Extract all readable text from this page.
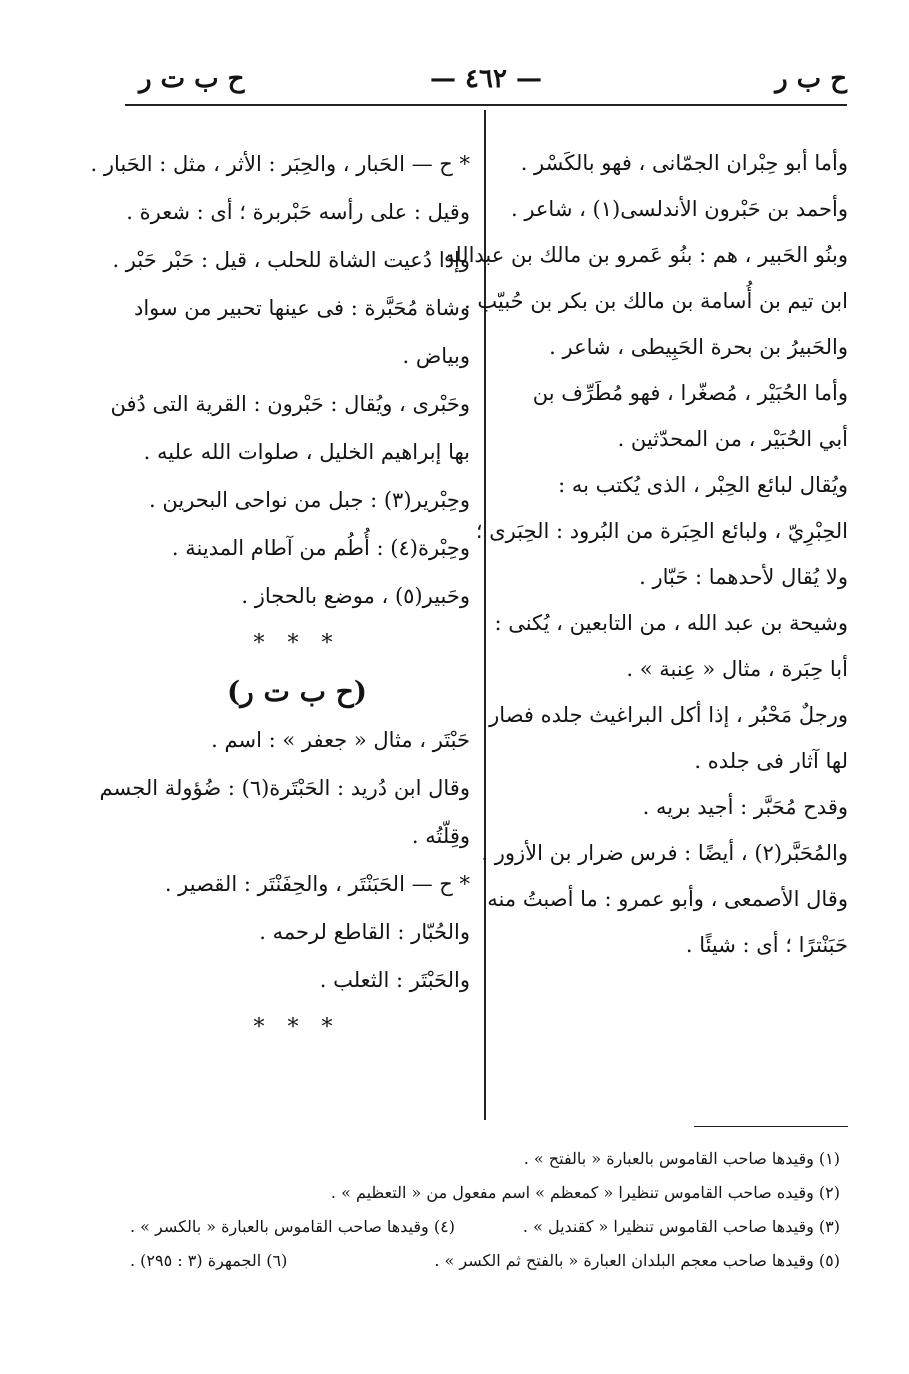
ح ب ر
— ٤٦٢ —
ح ب ت ر
وأما أبو حِبْران الجمّانى ، فهو بالكَسْر .
وأحمد بن حَبْرون الأندلسى(١) ، شاعر .
وبنُو الحَبير ، هم : بنُو عَمرو بن مالك بن عبدالله
ابن تيم بن أُسامة بن مالك بن بكر بن حُبيّب .
والحَبيرُ بن بحرة الحَبِيطى ، شاعر .
وأما الحُبَيْر ، مُصغّرا ، فهو مُطَرِّف بن
أبي الحُبَيْر ، من المحدّثين .
ويُقال لبائع الحِبْر ، الذى يُكتب به :
الحِبْرِيّ ، ولبائع الحِبَرة من البُرود : الحِبَرى ؛
ولا يُقال لأحدهما : حَبّار .
وشيحة بن عبد الله ، من التابعين ، يُكنى :
أبا حِبَرة ، مثال « عِنبة » .
ورجلٌ مَحْبُر ، إذا أكل البراغيث جلده فصار
لها آثار فى جلده .
وقدح مُحَبَّر : أجيد بريه .
والمُحَبَّر(٢) ، أيضًا : فرس ضرار بن الأزور .
وقال الأصمعى ، وأبو عمرو : ما أصبتُ منه
حَبَنْترًا ؛ أى : شيئًا .
* ح — الحَبار ، والحِبَر : الأثر ، مثل : الحَبار .
وقيل : على رأسه حَبْربرة ؛ أى : شعرة .
وإذا دُعيت الشاة للحلب ، قيل : حَبْر حَبْر .
وشاة مُحَبَّرة : فى عينها تحبير من سواد
وبياض .
وحَبْرى ، ويُقال : حَبْرون : القرية التى دُفن
بها إبراهيم الخليل ، صلوات الله عليه .
وحِبْرير(٣) : جبل من نواحى البحرين .
وحِبْرة(٤) : أُطُم من آطام المدينة .
وحَبير(٥) ، موضع بالحجاز .
* * *
(ح ب ت ر)
حَبْتَر ، مثال « جعفر » : اسم .
وقال ابن دُريد : الحَبْتَرة(٦) : ضُؤولة الجسم
وقِلّتُه .
* ح — الحَبَنْتَر ، والحِفَنْتَر : القصير .
والحُبّار : القاطع لرحمه .
والحَبْتَر : الثعلب .
* * *
(١) وقيدها صاحب القاموس بالعبارة « بالفتح » .
(٢) وقيده صاحب القاموس تنظيرا « كمعظم » اسم مفعول من « التعظيم » .
(٣) وقيدها صاحب القاموس تنظيرا « كقنديل » .
(٤) وقيدها صاحب القاموس بالعبارة « بالكسر » .
(٥) وقيدها صاحب معجم البلدان العبارة « بالفتح ثم الكسر » .
(٦) الجمهرة (٣ : ٢٩٥) .
